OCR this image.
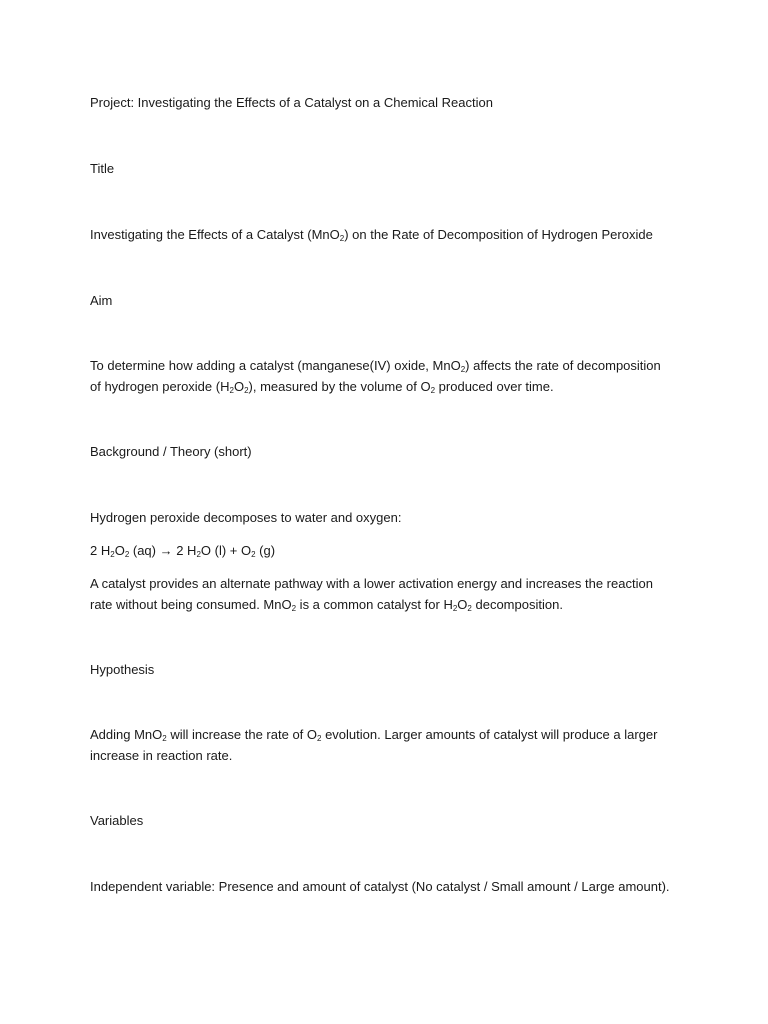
Project: Investigating the Effects of a Catalyst on a Chemical Reaction
Title
Investigating the Effects of a Catalyst (MnO$_2$) on the Rate of Decomposition of Hydrogen Peroxide
Aim
To determine how adding a catalyst (manganese(IV) oxide, MnO$_2$) affects the rate of decomposition of hydrogen peroxide $(H_2O_2)$, measured by the volume of $O_2$ produced over time.
Background / Theory (short)
Hydrogen peroxide decomposes to water and oxygen:
2 $H_2O_2$ (aq) → 2 $H_2O$ $(l) + O_2$ (g)
A catalyst provides an alternate pathway with a lower activation energy and increases the reaction rate without being consumed. MnO$_2$ is a common catalyst for $H_2O_2$ decomposition.
Hypothesis
Adding MnO$_2$ will increase the rate of $O_2$ evolution. Larger amounts of catalyst will produce a larger increase in reaction rate.
Variables
Independent variable: Presence and amount of catalyst (No catalyst / Small amount / Large amount).
